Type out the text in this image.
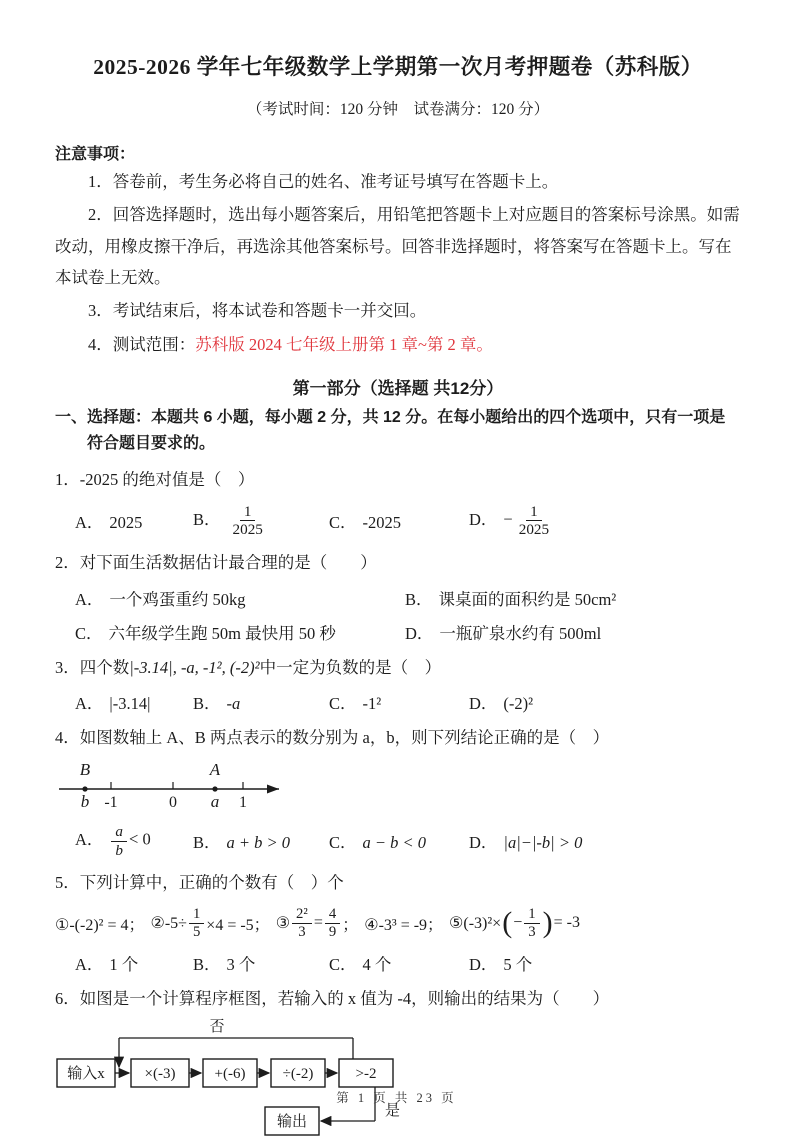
2025-2026 学年七年级数学上学期第一次月考押题卷（苏科版）
（考试时间：120 分钟　试卷满分：120 分）
注意事项：
1．答卷前，考生务必将自己的姓名、准考证号填写在答题卡上。
2．回答选择题时，选出每小题答案后，用铅笔把答题卡上对应题目的答案标号涂黑。如需改动，用橡皮擦干净后，再选涂其他答案标号。回答非选择题时，将答案写在答题卡上。写在本试卷上无效。
3．考试结束后，将本试卷和答题卡一并交回。
4．测试范围：苏科版 2024 七年级上册第 1 章~第 2 章。
第一部分（选择题 共12分）
一、选择题：本题共 6 小题，每小题 2 分，共 12 分。在每小题给出的四个选项中，只有一项是符合题目要求的。
1．-2025 的绝对值是（　）
A． 2025	B． $\frac{1}{2025}$	C． -2025	D． − $\frac{1}{2025}$
2．对下面生活数据估计最合理的是（　　）
A． 一个鸡蛋重约 50kg	B． 课桌面的面积约是 50cm²
C． 六年级学生跑 50m 最快用 50 秒	D． 一瓶矿泉水约有 500ml
3．四个数|-3.14|, -a, -1², (-2)²中一定为负数的是（　）
A． |-3.14|	B． -a	C． -1²	D． (-2)²
4．如图数轴上 A、B 两点表示的数分别为 a，b，则下列结论正确的是（　）
B	A
b -1	0 a 1
A． $\frac{a}{b} < 0$	B． a + b > 0	C． a − b < 0	D． |a|−|-b| > 0
5．下列计算中，正确的个数有（　）个
①-(-2)² = 4； ②-5÷ $\frac{1}{5} \times 4 = -5$； ③ $\frac{\text{2²}}{3} = \frac{4}{9}$ ； ④-3³ = -9； ⑤(-3)²× ( − $\frac{1}{3}$ ) = -3
A． 1 个	B． 3 个	C． 4 个	D． 5 个
6．如图是一个计算程序框图，若输入的 x 值为 -4，则输出的结果为（　　）
否
输入x	×(-3)	+(-6) ÷(-2)	>-2
是
输出
第 1 页 共 23 页
